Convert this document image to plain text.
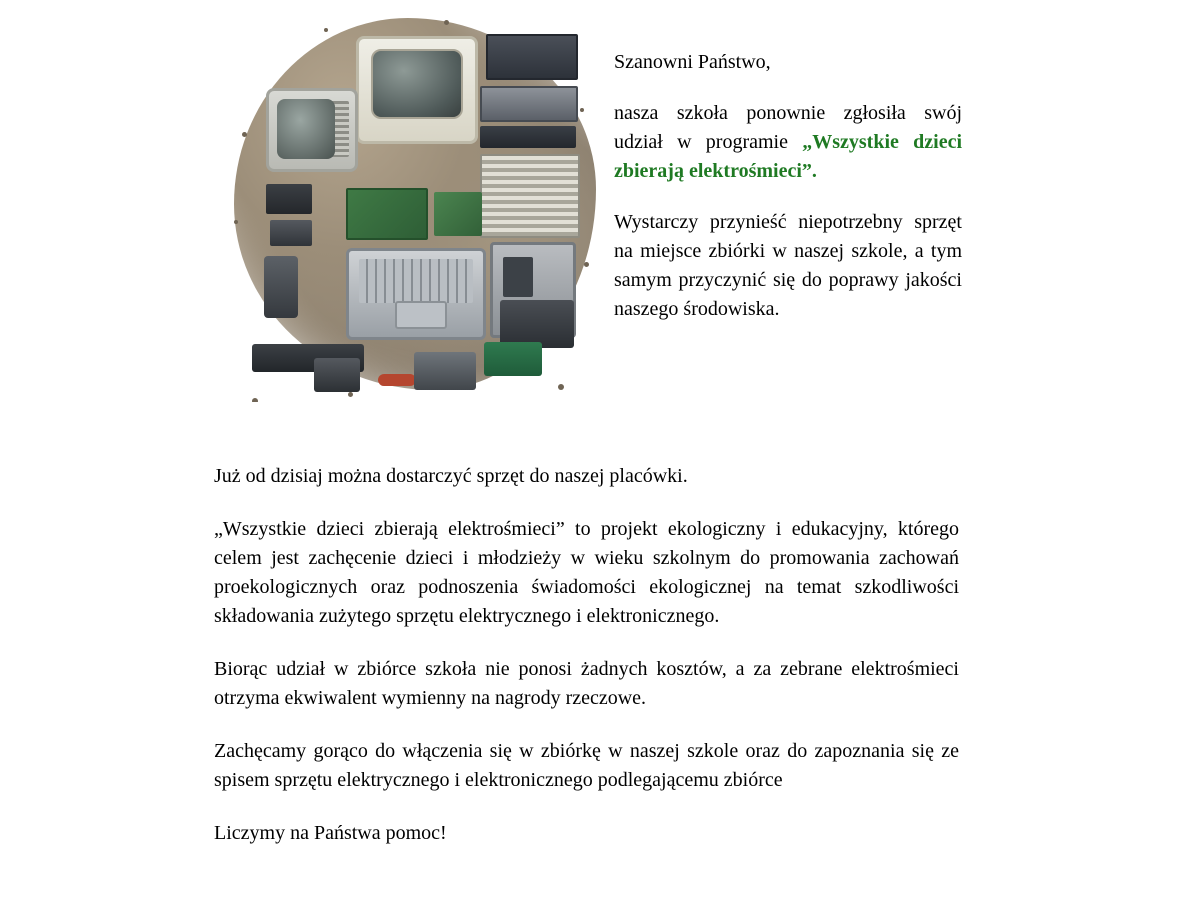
Szanowni Państwo,

nasza szkoła ponownie zgłosiła swój udział w programie „Wszystkie dzieci zbierają elektrośmieci”.

Wystarczy przynieść niepotrzebny sprzęt na miejsce zbiórki w naszej szkole, a tym samym przyczynić się do poprawy jakości naszego środowiska.

Już od dzisiaj można dostarczyć sprzęt do naszej placówki.

„Wszystkie dzieci zbierają elektrośmieci” to projekt ekologiczny i edukacyjny, którego celem jest zachęcenie dzieci i młodzieży w wieku szkolnym do promowania zachowań proekologicznych oraz podnoszenia świadomości ekologicznej na temat szkodliwości składowania zużytego sprzętu elektrycznego i elektronicznego.

Biorąc udział w zbiórce szkoła nie ponosi żadnych kosztów, a za zebrane elektrośmieci otrzyma ekwiwalent wymienny na nagrody rzeczowe.

Zachęcamy gorąco do włączenia się w zbiórkę w naszej szkole oraz do zapoznania się ze spisem sprzętu elektrycznego i elektronicznego podlegającemu zbiórce

Liczymy na Państwa pomoc!
